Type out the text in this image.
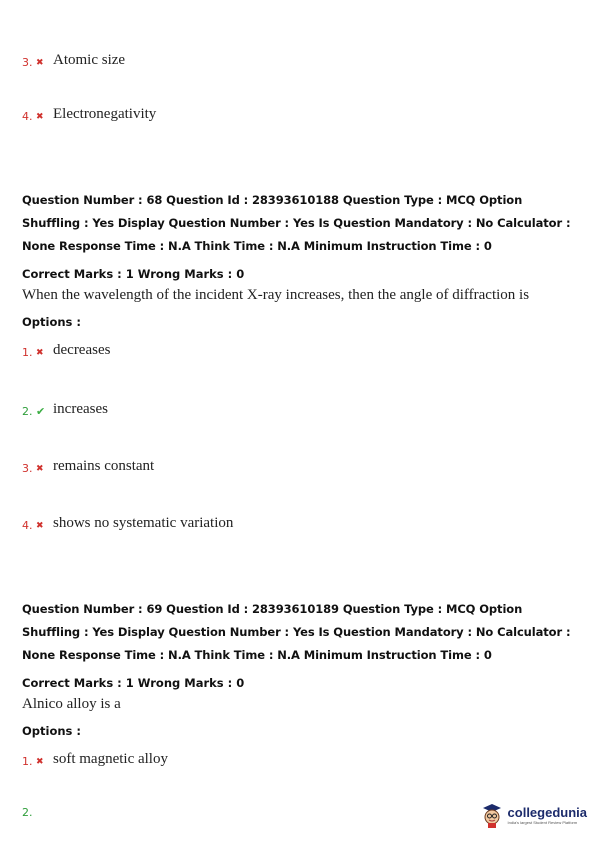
3. ✖ Atomic size
4. ✖ Electronegativity
Question Number : 68 Question Id : 28393610188 Question Type : MCQ Option Shuffling : Yes Display Question Number : Yes Is Question Mandatory : No Calculator : None Response Time : N.A Think Time : N.A Minimum Instruction Time : 0
Correct Marks : 1 Wrong Marks : 0
When the wavelength of the incident X-ray increases, then the angle of diffraction is
Options :
1. ✖ decreases
2. ✔ increases
3. ✖ remains constant
4. ✖ shows no systematic variation
Question Number : 69 Question Id : 28393610189 Question Type : MCQ Option Shuffling : Yes Display Question Number : Yes Is Question Mandatory : No Calculator : None Response Time : N.A Think Time : N.A Minimum Instruction Time : 0
Correct Marks : 1 Wrong Marks : 0
Alnico alloy is a
Options :
1. ✖ soft magnetic alloy
2.	collegedunia
India's largest Student Review Platform
